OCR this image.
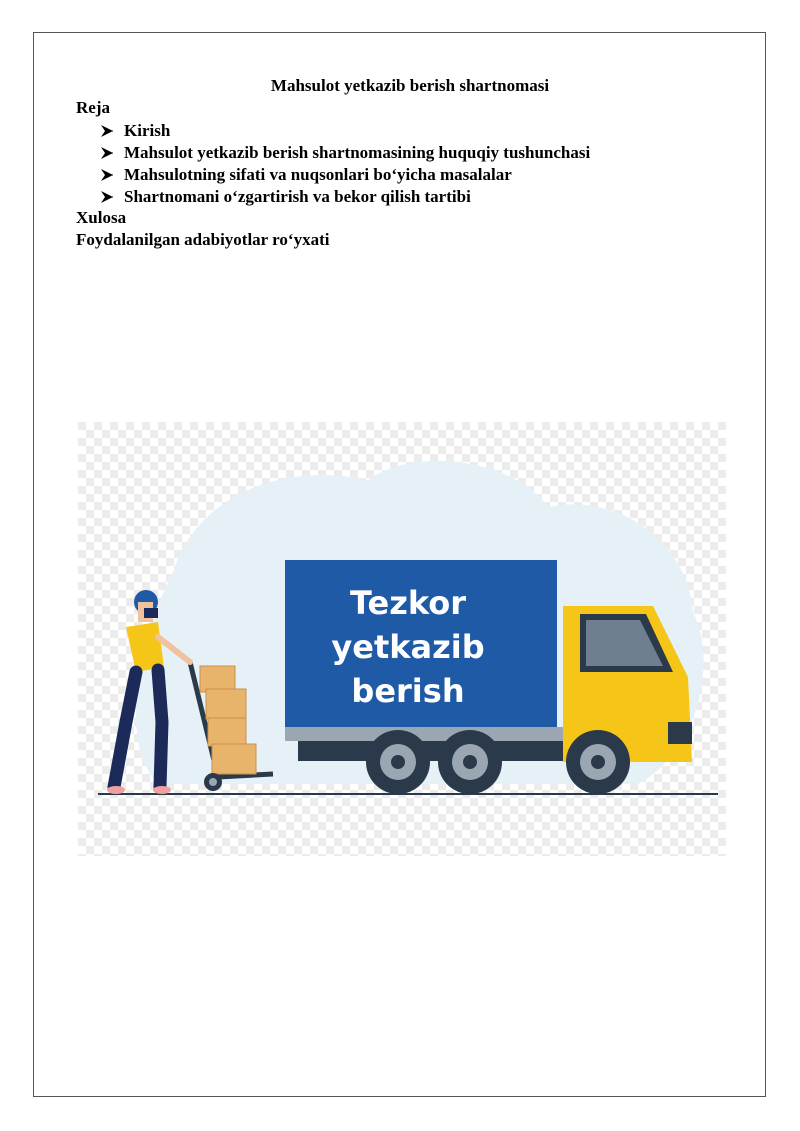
Mahsulot yetkazib berish shartnomasi
Reja
Kirish
Mahsulot yetkazib berish shartnomasining huquqiy tushunchasi
Mahsulotning sifati va nuqsonlari bo‘yicha masalalar
Shartnomani o‘zgartirish va bekor qilish tartibi
Xulosa
Foydalanilgan adabiyotlar ro‘yxati
Tezkor
yetkazib
berish
